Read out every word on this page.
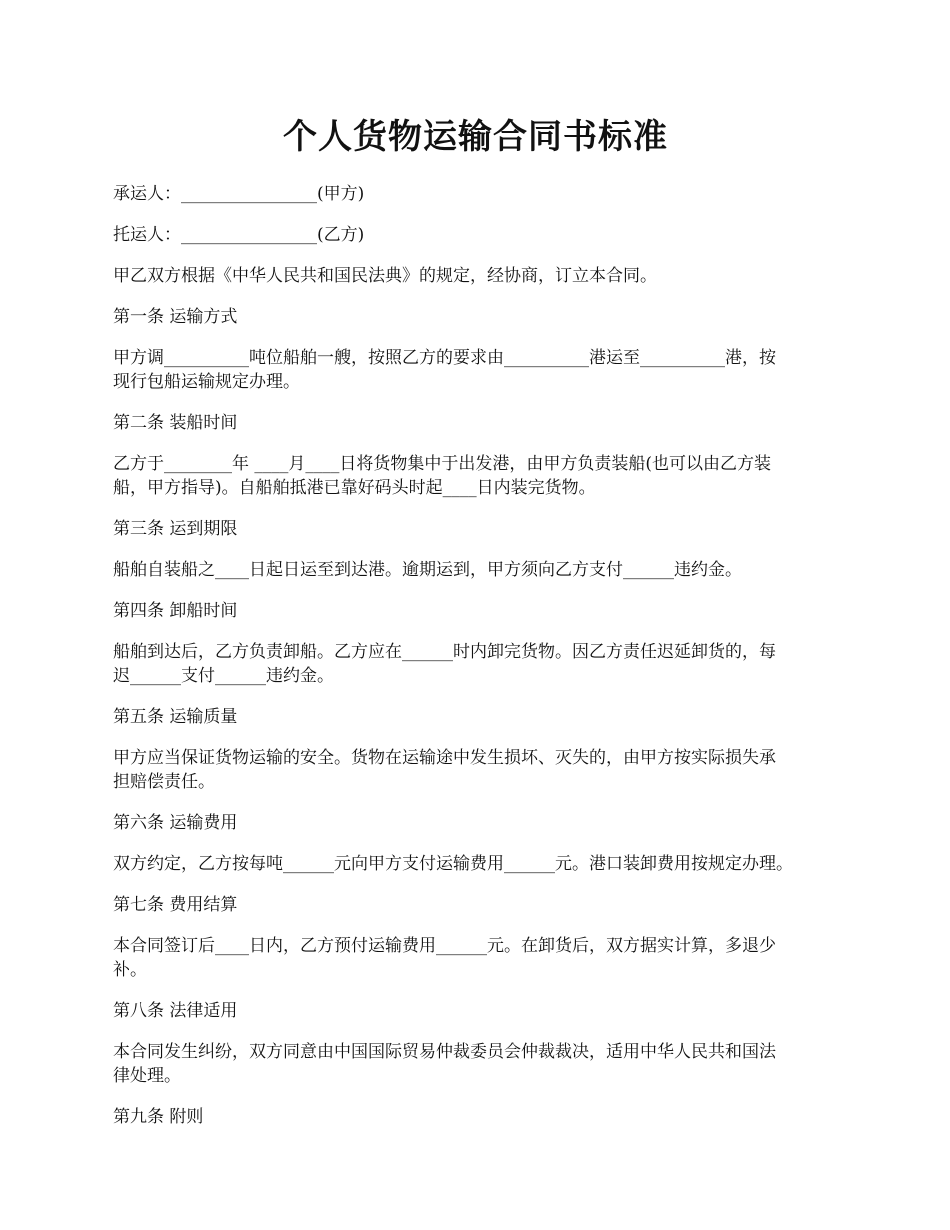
个人货物运输合同书标准

承运人：________________(甲方)

托运人：________________(乙方)

甲乙双方根据《中华人民共和国民法典》的规定，经协商，订立本合同。

第一条 运输方式

甲方调__________吨位船舶一艘，按照乙方的要求由__________港运至__________港，按
现行包船运输规定办理。

第二条 装船时间

乙方于________年 ____月____日将货物集中于出发港，由甲方负责装船(也可以由乙方装
船，甲方指导)。自船舶抵港已靠好码头时起____日内装完货物。

第三条 运到期限

船舶自装船之____日起日运至到达港。逾期运到，甲方须向乙方支付______违约金。

第四条 卸船时间

船舶到达后，乙方负责卸船。乙方应在______时内卸完货物。因乙方责任迟延卸货的，每
迟______支付______违约金。

第五条 运输质量

甲方应当保证货物运输的安全。货物在运输途中发生损坏、灭失的，由甲方按实际损失承
担赔偿责任。

第六条 运输费用

双方约定，乙方按每吨______元向甲方支付运输费用______元。港口装卸费用按规定办理。

第七条 费用结算

本合同签订后____日内，乙方预付运输费用______元。在卸货后，双方据实计算，多退少
补。

第八条 法律适用

本合同发生纠纷，双方同意由中国国际贸易仲裁委员会仲裁裁决，适用中华人民共和国法
律处理。

第九条 附则
